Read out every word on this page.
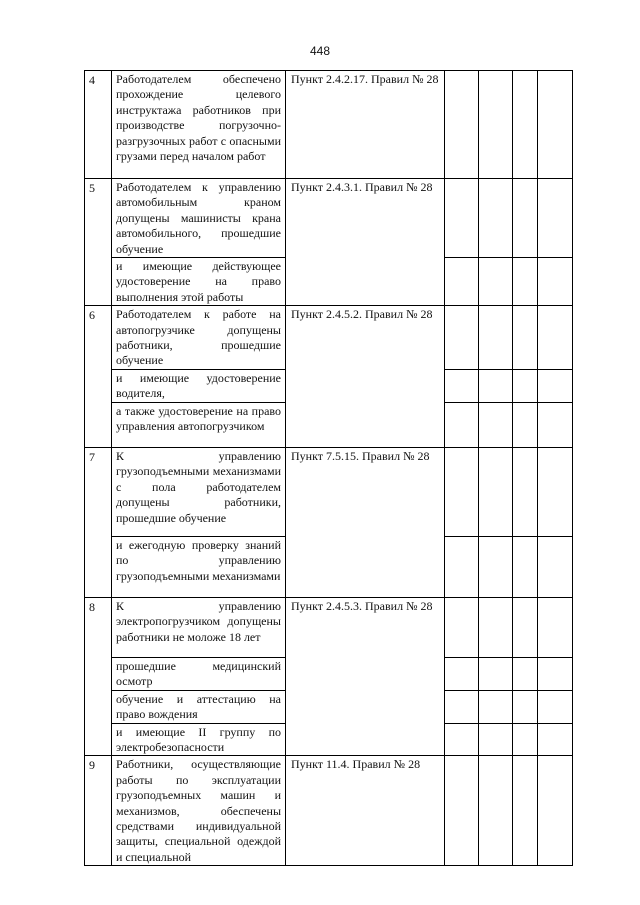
448
4	Работодателем обеспечено прохождение целевого инструктажа работников при производстве погрузочно-разгрузочных работ с опасными грузами перед началом работ	Пункт 2.4.2.17. Правил № 28				

5	Работодателем к управлению автомобильным краном допущены машинисты крана автомобильного, прошедшие обучение	Пункт 2.4.3.1. Правил № 28				

	и имеющие действующее удостоверение на право выполнения этой работы					

6	Работодателем к работе на автопогрузчике допущены работники, прошедшие обучение	Пункт 2.4.5.2. Правил № 28				

	и имеющие удостоверение водителя,					

	а также удостоверение на право управления автопогрузчиком					

7	К управлению грузоподъемными механизмами с пола работодателем допущены работники, прошедшие обучение	Пункт 7.5.15. Правил № 28				

	и ежегодную проверку знаний по управлению грузоподъемными механизмами					

8	К управлению электропогрузчиком допущены работники не моложе 18 лет	Пункт 2.4.5.3. Правил № 28				

	прошедшие медицинский осмотр					

	обучение и аттестацию на право вождения					

	и имеющие II группу по электробезопасности					

9	Работники, осуществляющие работы по эксплуатации грузоподъемных машин и механизмов, обеспечены средствами индивидуальной защиты, специальной одеждой и специальной	Пункт 11.4. Правил № 28				
